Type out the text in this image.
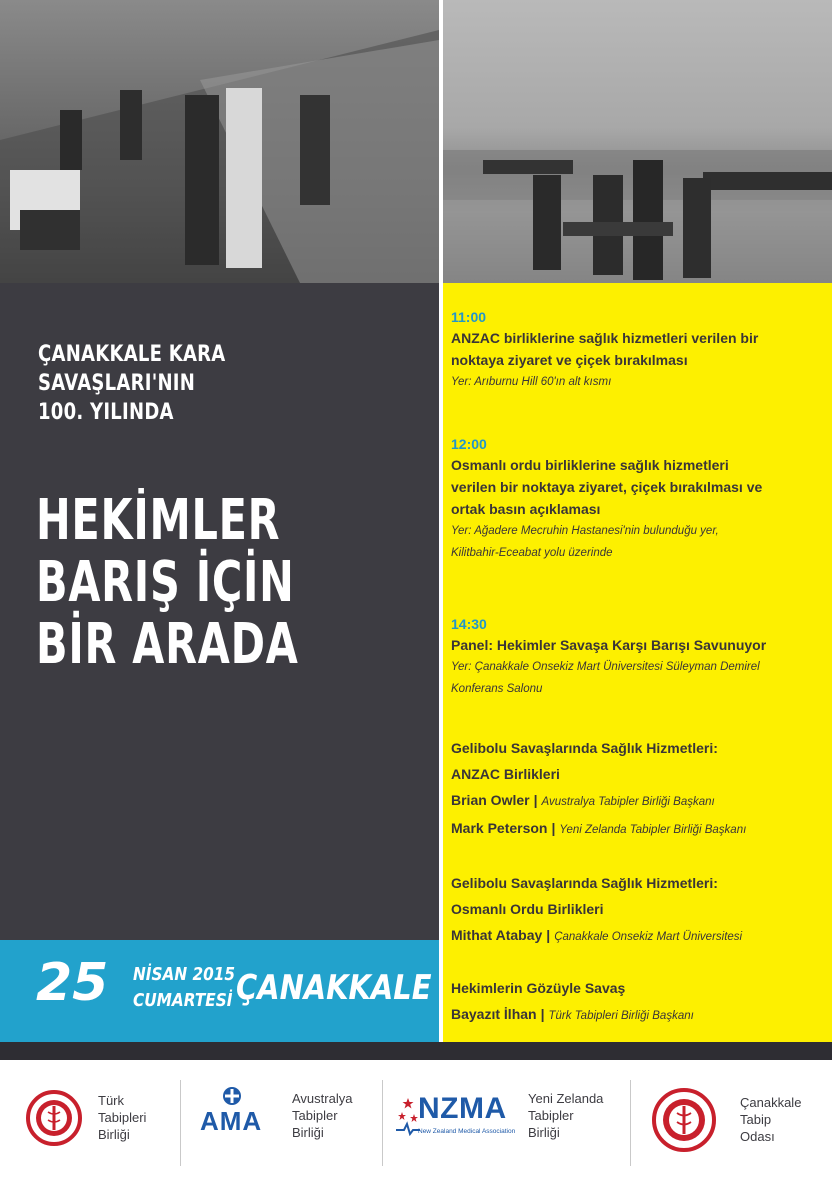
ÇANAKKALE KARA SAVAŞLARI'NIN
100. YILINDA
HEKİMLER
BARIŞ İÇİN
BİR ARADA
25 NİSAN 2015
CUMARTESİ ÇANAKKALE
11:00
ANZAC birliklerine sağlık hizmetleri verilen bir
noktaya ziyaret ve çiçek bırakılması
Yer: Arıburnu Hill 60'ın alt kısmı
12:00
Osmanlı ordu birliklerine sağlık hizmetleri
verilen bir noktaya ziyaret, çiçek bırakılması ve
ortak basın açıklaması
Yer: Ağadere Mecruhin Hastanesi'nin bulunduğu yer,
Kilitbahir-Eceabat yolu üzerinde
14:30
Panel: Hekimler Savaşa Karşı Barışı Savunuyor
Yer: Çanakkale Onsekiz Mart Üniversitesi Süleyman Demirel
Konferans Salonu
Gelibolu Savaşlarında Sağlık Hizmetleri:
ANZAC Birlikleri
Brian Owler | Avustralya Tabipler Birliği Başkanı
Mark Peterson | Yeni Zelanda Tabipler Birliği Başkanı
Gelibolu Savaşlarında Sağlık Hizmetleri:
Osmanlı Ordu Birlikleri
Mithat Atabay | Çanakkale Onsekiz Mart Üniversitesi
Hekimlerin Gözüyle Savaş
Bayazıt İlhan | Türk Tabipleri Birliği Başkanı
Türk
Tabipleri
Birliği	AMA
Avustralya
Tabipler
Birliği
NZMA
New Zealand Medical Association
Yeni Zelanda
Tabipler
Birliği
Çanakkale
Tabip
Odası
